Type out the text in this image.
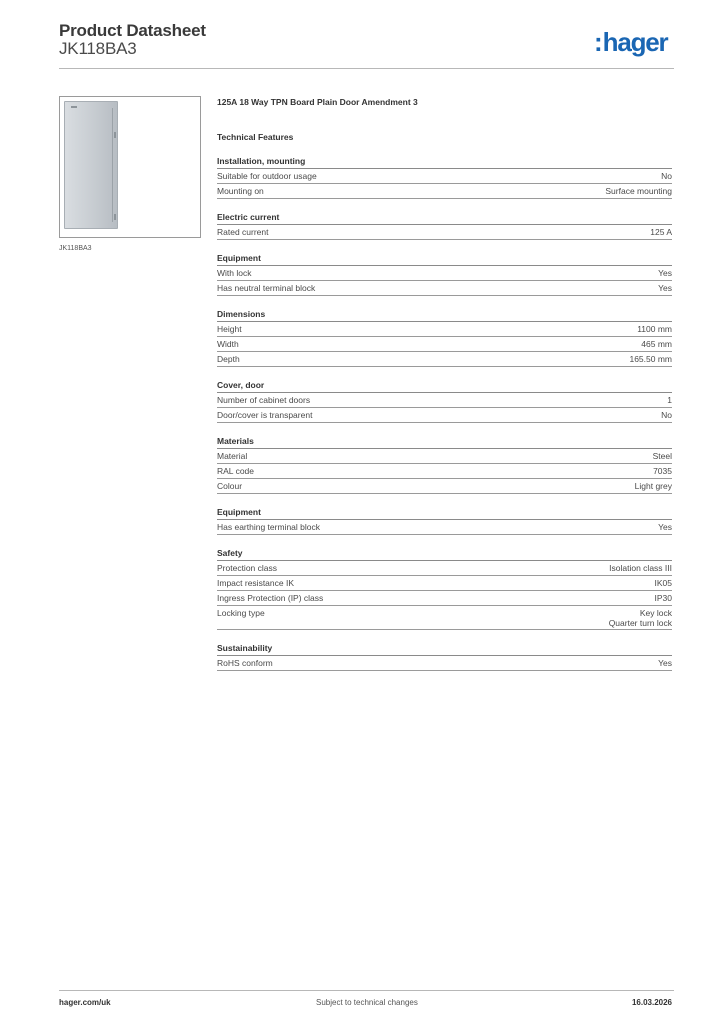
Product Datasheet
JK118BA3	:hager
JK118BA3
125A 18 Way TPN Board Plain Door Amendment 3
Technical Features
Installation, mounting
Suitable for outdoor usage	No
Mounting on	Surface mounting
Electric current
Rated current	125 A
Equipment
With lock	Yes
Has neutral terminal block	Yes
Dimensions
Height	1100 mm
Width	465 mm
Depth	165.50 mm
Cover, door
Number of cabinet doors	1
Door/cover is transparent	No
Materials
Material	Steel
RAL code	7035
Colour	Light grey
Equipment
Has earthing terminal block	Yes
Safety
Protection class	Isolation class III
Impact resistance IK	IK05
Ingress Protection (IP) class	IP30
Locking type	Key lock
Quarter turn lock
Sustainability
RoHS conform	Yes
hager.com/uk	Subject to technical changes	16.03.2026
